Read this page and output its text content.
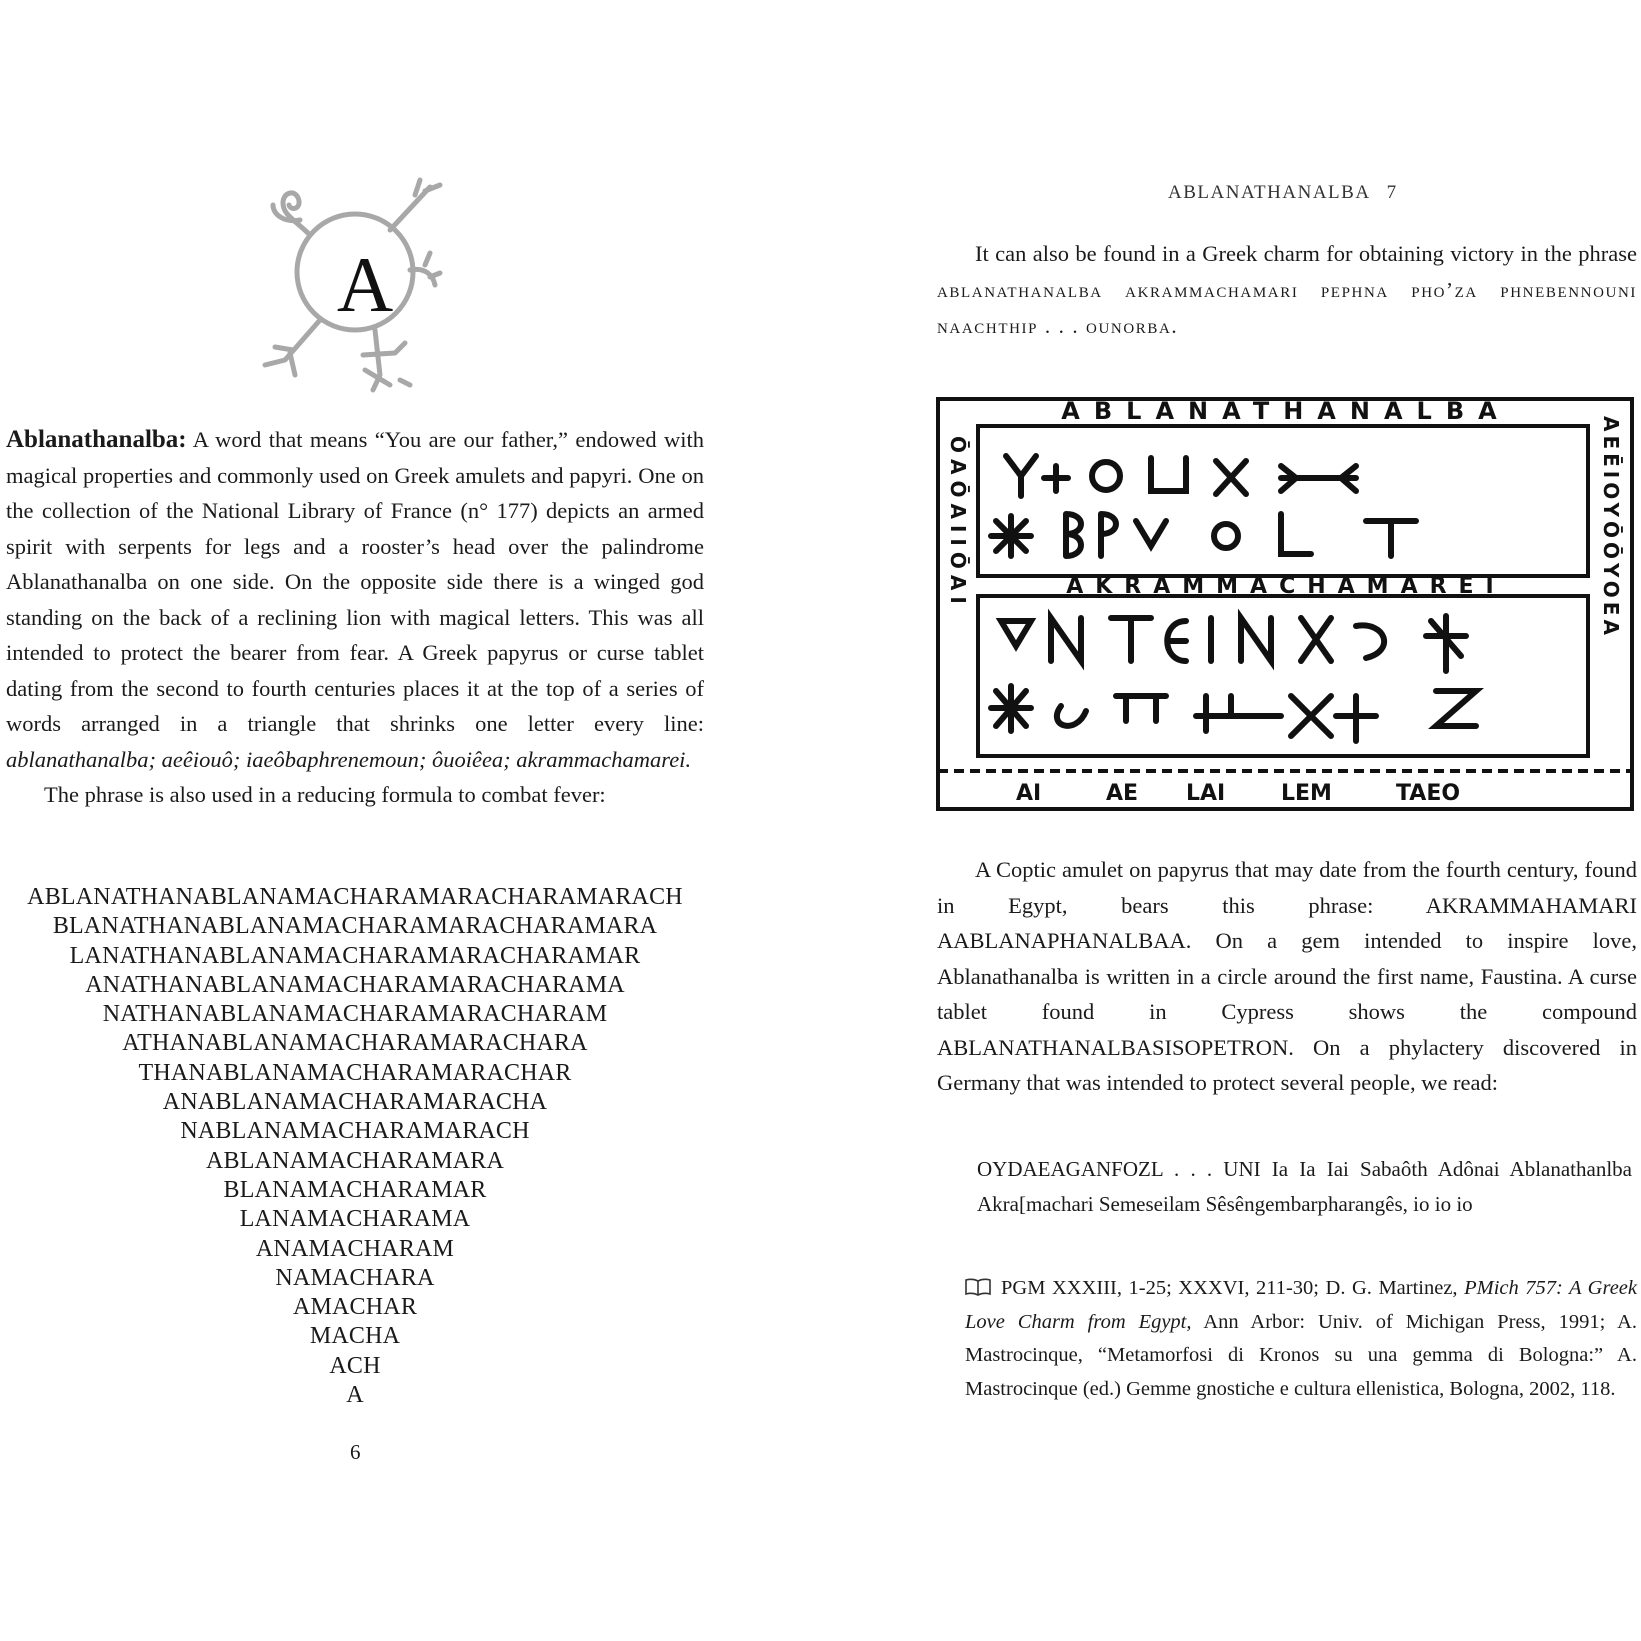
A

Ablanathanalba: A word that means “You are our father,” endowed with magical properties and commonly used on Greek amulets and papyri. One on the collection of the National Library of France (n° 177) depicts an armed spirit with serpents for legs and a rooster’s head over the palindrome Ablanathanalba on one side. On the opposite side there is a winged god standing on the back of a reclining lion with magical letters. This was all intended to protect the bearer from fear. A Greek papyrus or curse tablet dating from the second to fourth centuries places it at the top of a series of words arranged in a triangle that shrinks one letter every line: ablanathanalba; aeêiouô; iaeôbaphrenemoun; ôuoiêea; akrammachamarei.

The phrase is also used in a reducing formula to combat fever:

ABLANATHANABLANAMACHARAMARACHARAMARACH
BLANATHANABLANAMACHARAMARACHARAMARA
LANATHANABLANAMACHARAMARACHARAMAR
ANATHANABLANAMACHARAMARACHARAMA
NATHANABLANAMACHARAMARACHARAM
ATHANABLANAMACHARAMARACHARA
THANABLANAMACHARAMARACHAR
ANABLANAMACHARAMARACHA
NABLANAMACHARAMARACH
ABLANAMACHARAMARA
BLANAMACHARAMAR
LANAMACHARAMA
ANAMACHARAM
NAMACHARA
AMACHAR
MACHA
ACH
A
6
ABLANATHANALBA 7

It can also be found in a Greek charm for obtaining victory in the phrase ablanathanalba akrammachamari pephna pho’za phnebennouni naachthip . . . ounorba.

ABLANATHANALBA
AKRAMMACHAMAREI
AI	AE LAI	LEM	TAEO
ŌAŌAIIŌAI	AEĒIOYŌŌYOEA

A Coptic amulet on papyrus that may date from the fourth century, found in Egypt, bears this phrase: AKRAMMAHAMARI AABLANAPHANALBAA. On a gem intended to inspire love, Ablanathanalba is written in a circle around the first name, Faustina. A curse tablet found in Cypress shows the compound ABLANATHANALBASISOPETRON. On a phylactery discovered in Germany that was intended to protect several people, we read:

OYDAEAGANFOZL . . . UNI Ia Ia Iai Sabaôth Adônai Ablanathanlba Akra[machari Semeseilam Sêsêngembarpharangês, io io io

PGM XXXIII, 1-25; XXXVI, 211-30; D. G. Martinez, PMich 757: A Greek Love Charm from Egypt, Ann Arbor: Univ. of Michigan Press, 1991; A. Mastrocinque, “Metamorfosi di Kronos su una gemma di Bologna:” A. Mastrocinque (ed.) Gemme gnostiche e cultura ellenistica, Bologna, 2002, 118.
